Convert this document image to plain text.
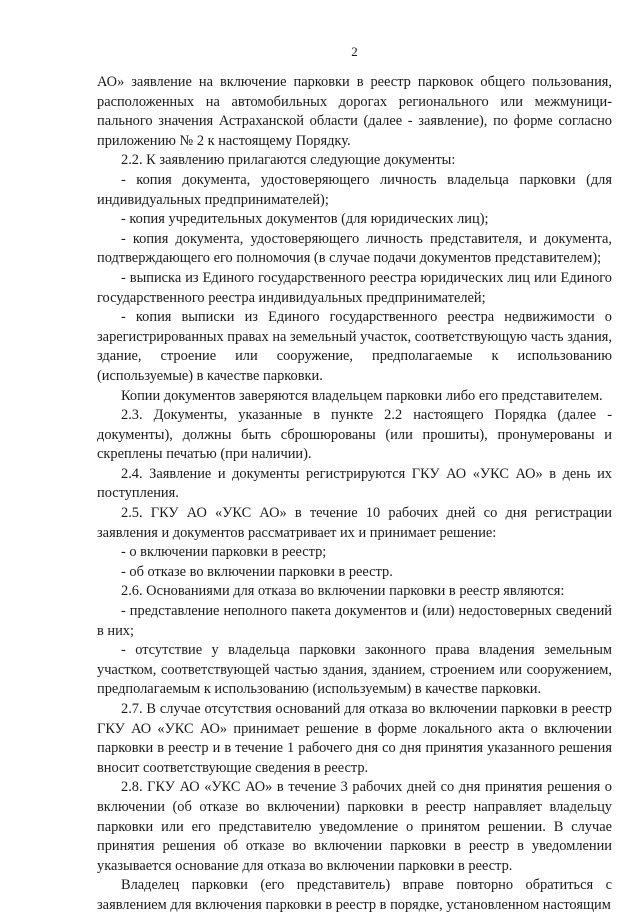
2

АО» заявление на включение парковки в реестр парковок общего пользования, расположенных на автомобильных дорогах регионального или межмуници-пального значения Астраханской области (далее - заявление), по форме согласно приложению № 2 к настоящему Порядку.

2.2. К заявлению прилагаются следующие документы:

- копия документа, удостоверяющего личность владельца парковки (для индивидуальных предпринимателей);

- копия учредительных документов (для юридических лиц);

- копия документа, удостоверяющего личность представителя, и документа, подтверждающего его полномочия (в случае подачи документов представителем);

- выписка из Единого государственного реестра юридических лиц или Единого государственного реестра индивидуальных предпринимателей;

- копия выписки из Единого государственного реестра недвижимости о зарегистрированных правах на земельный участок, соответствующую часть здания, здание, строение или сооружение, предполагаемые к использованию (используемые) в качестве парковки.

Копии документов заверяются владельцем парковки либо его представителем.

2.3. Документы, указанные в пункте 2.2 настоящего Порядка (далее - документы), должны быть сброшюрованы (или прошиты), пронумерованы и скреплены печатью (при наличии).

2.4. Заявление и документы регистрируются ГКУ АО «УКС АО» в день их поступления.

2.5. ГКУ АО «УКС АО» в течение 10 рабочих дней со дня регистрации заявления и документов рассматривает их и принимает решение:

- о включении парковки в реестр;

- об отказе во включении парковки в реестр.

2.6. Основаниями для отказа во включении парковки в реестр являются:

- представление неполного пакета документов и (или) недостоверных сведений в них;

- отсутствие у владельца парковки законного права владения земельным участком, соответствующей частью здания, зданием, строением или сооружением, предполагаемым к использованию (используемым) в качестве парковки.

2.7. В случае отсутствия оснований для отказа во включении парковки в реестр ГКУ АО «УКС АО» принимает решение в форме локального акта о включении парковки в реестр и в течение 1 рабочего дня со дня принятия указанного решения вносит соответствующие сведения в реестр.

2.8. ГКУ АО «УКС АО» в течение 3 рабочих дней со дня принятия решения о включении (об отказе во включении) парковки в реестр направляет владельцу парковки или его представителю уведомление о принятом решении. В случае принятия решения об отказе во включении парковки в реестр в уведомлении указывается основание для отказа во включении парковки в реестр.

Владелец парковки (его представитель) вправе повторно обратиться с заявлением для включения парковки в реестр в порядке, установленном настоящим
